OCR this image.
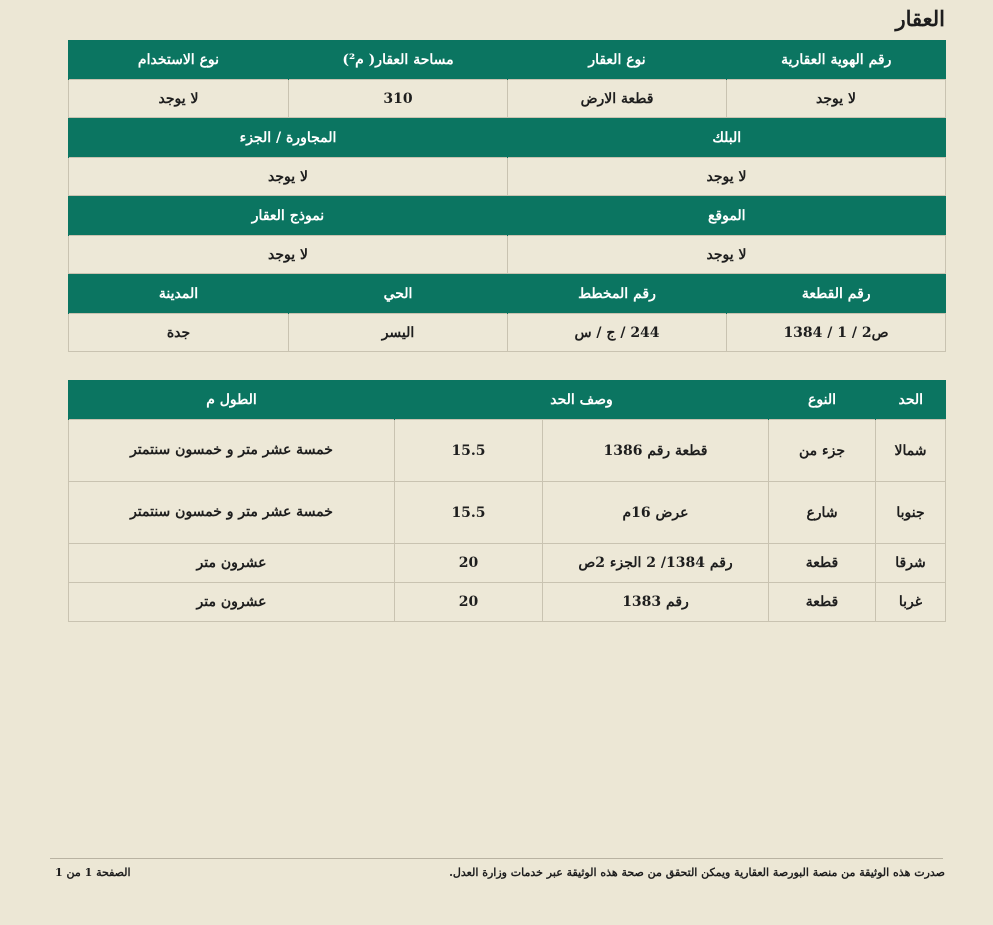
العقار
رقم الهوية العقارية	نوع العقار	مساحة العقار( م²)	نوع الاستخدام
لا يوجد	قطعة الارض	310	لا يوجد
البلك		المجاورة / الجزء	
لا يوجد		لا يوجد	
الموقع		نموذج العقار	
لا يوجد		لا يوجد	
رقم القطعة	رقم المخطط	الحي	المدينة
1384 / 1 / 2ص	244 / ج / س	اليسر	جدة
الحد	النوع	وصف الحد		الطول م
شمالا	جزء من	قطعة رقم 1386	15.5	خمسة عشر متر و خمسون سنتمتر
جنوبا	شارع	عرض 16م	15.5	خمسة عشر متر و خمسون سنتمتر
شرقا	قطعة	رقم 1384/ 2 الجزء 2ص	20	عشرون متر
غربا	قطعة	رقم 1383	20	عشرون متر
صدرت هذه الوثيقة من منصة البورصة العقارية ويمكن التحقق من صحة هذه الوثيقة عبر خدمات وزارة العدل.
الصفحة 1 من 1
